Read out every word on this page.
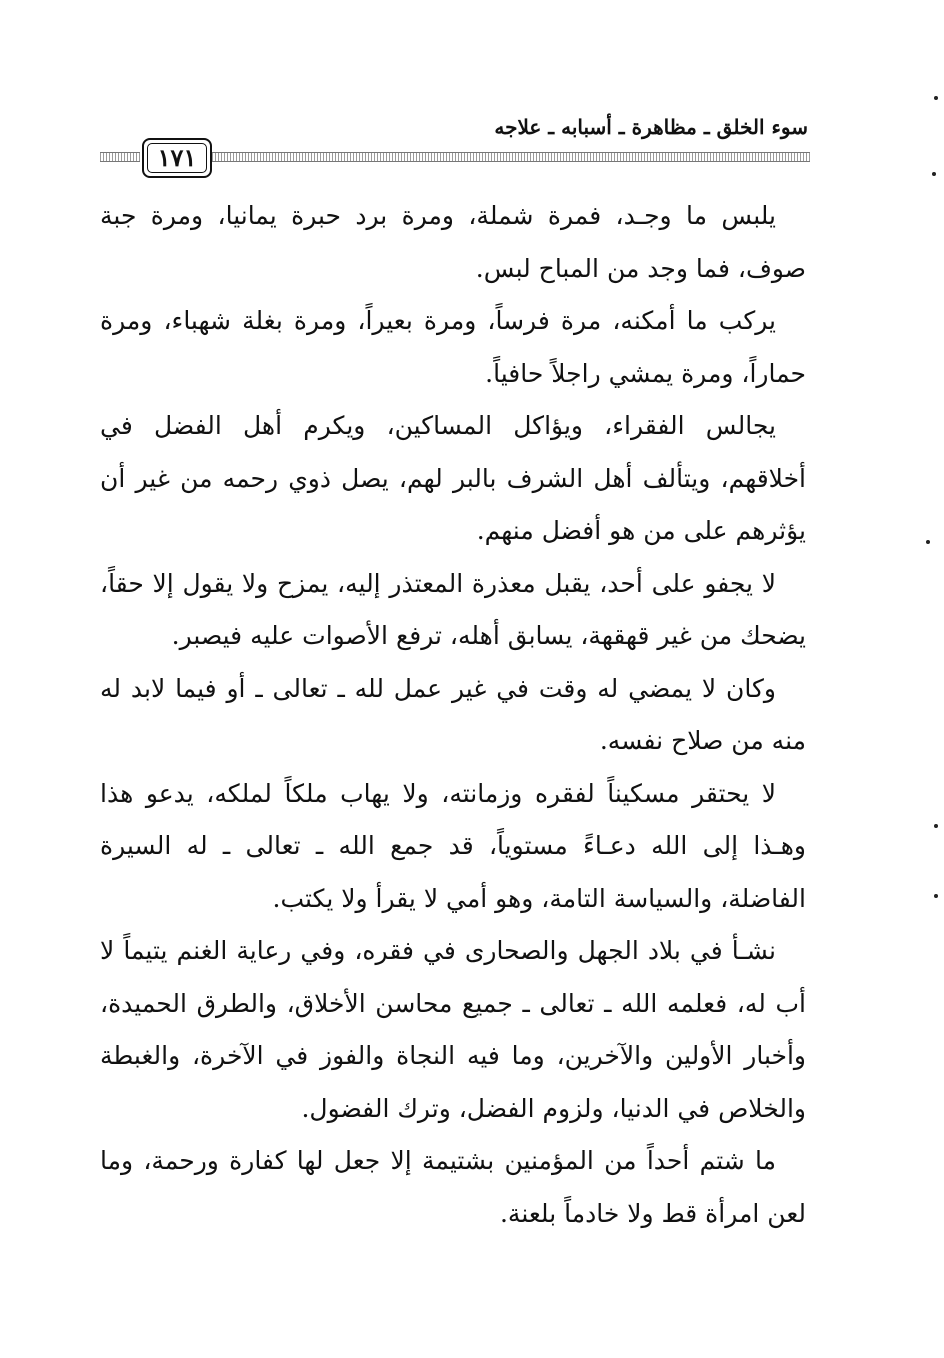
سوء الخلق ـ مظاهرة ـ أسبابه ـ علاجه
١٧١

يلبس ما وجـد، فمرة شملة، ومرة برد حبرة يمانيا، ومرة جبة صوف، فما وجد من المباح لبس.

يركب ما أمكنه، مرة فرساً، ومرة بعيراً، ومرة بغلة شهباء، ومرة حماراً، ومرة يمشي راجلاً حافياً.

يجالس الفقراء، ويؤاكل المساكين، ويكرم أهل الفضل في أخلاقهم، ويتألف أهل الشرف بالبر لهم، يصل ذوي رحمه من غير أن يؤثرهم على من هو أفضل منهم.

لا يجفو على أحد، يقبل معذرة المعتذر إليه، يمزح ولا يقول إلا حقاً، يضحك من غير قهقهة، يسابق أهله، ترفع الأصوات عليه فيصبر.

وكان لا يمضي له وقت في غير عمل لله ـ تعالى ـ أو فيما لابد له منه من صلاح نفسه.

لا يحتقر مسكيناً لفقره وزمانته، ولا يهاب ملكاً لملكه، يدعو هذا وهـذا إلى الله دعـاءً مستوياً، قد جمع الله ـ تعالى ـ له السيرة الفاضلة، والسياسة التامة، وهو أمي لا يقرأ ولا يكتب.

نشـأ في بلاد الجهل والصحارى في فقره، وفي رعاية الغنم يتيماً لا أب له، فعلمه الله ـ تعالى ـ جميع محاسن الأخلاق، والطرق الحميدة، وأخبار الأولين والآخرين، وما فيه النجاة والفوز في الآخرة، والغبطة والخلاص في الدنيا، ولزوم الفضل، وترك الفضول.

ما شتم أحداً من المؤمنين بشتيمة إلا جعل لها كفارة ورحمة، وما لعن امرأة قط ولا خادماً بلعنة.
